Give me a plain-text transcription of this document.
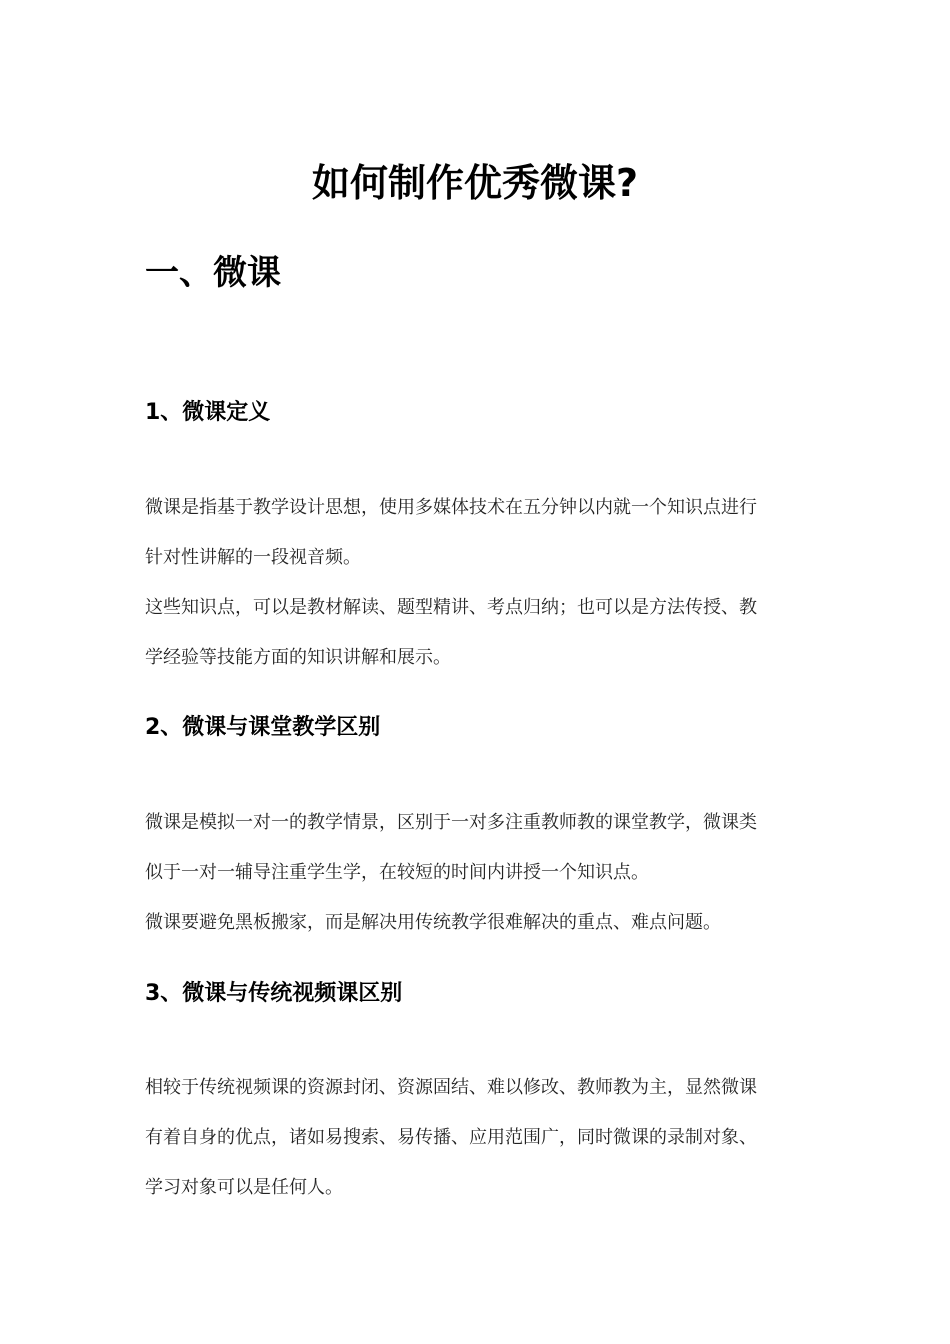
如何制作优秀微课?
一、微课
1、微课定义
微课是指基于教学设计思想，使用多媒体技术在五分钟以内就一个知识点进行
针对性讲解的一段视音频。
这些知识点，可以是教材解读、题型精讲、考点归纳；也可以是方法传授、教
学经验等技能方面的知识讲解和展示。
2、微课与课堂教学区别
微课是模拟一对一的教学情景，区别于一对多注重教师教的课堂教学，微课类
似于一对一辅导注重学生学，在较短的时间内讲授一个知识点。
微课要避免黑板搬家，而是解决用传统教学很难解决的重点、难点问题。
3、微课与传统视频课区别
相较于传统视频课的资源封闭、资源固结、难以修改、教师教为主，显然微课
有着自身的优点，诸如易搜索、易传播、应用范围广，同时微课的录制对象、
学习对象可以是任何人。
